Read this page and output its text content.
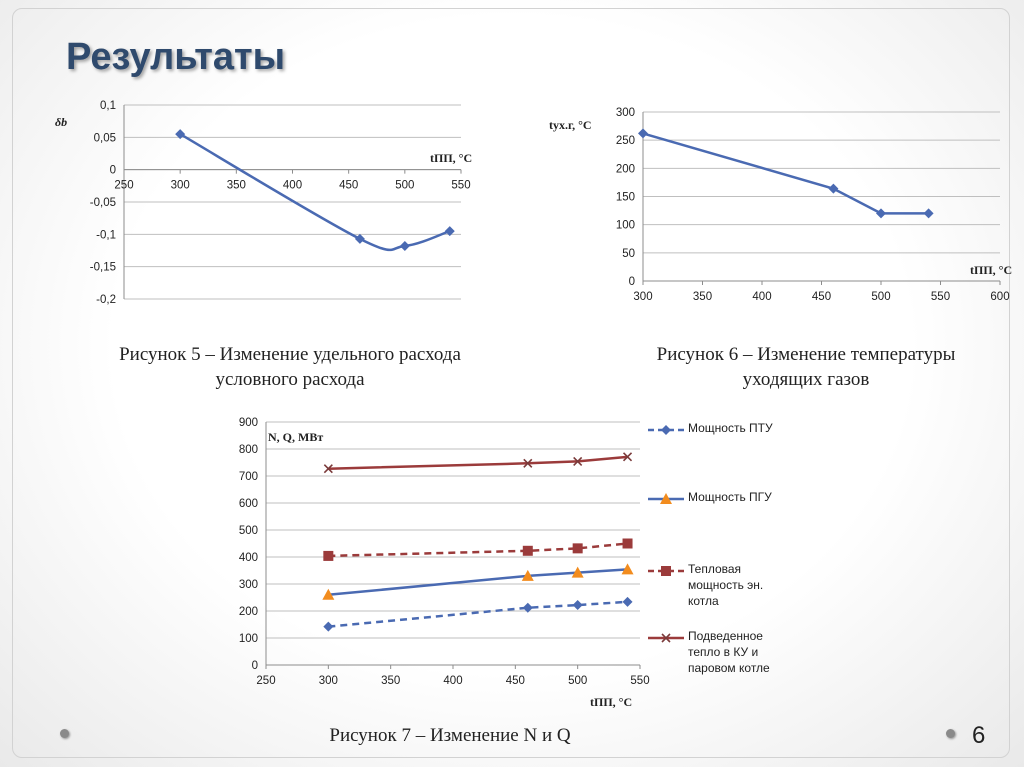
Результаты
δb
tПП, °C
0,1
0,05
0
-0,05
-0,1
-0,15
-0,2
250	300	350	400	450	500	550
tух.г, °C
tПП, °C
300
250
200
150
100
50
0
300	350	400	450	500	550	600
N, Q, МВт
tПП, °C
900
800
700
600
500
400
300
200
100
0
250	300	350	400	450	500	550
Мощность ПТУ
Мощность ПГУ
Тепловая мощность эн. котла
Подведенное тепло в КУ и паровом котле
Рисунок 5 – Изменение удельного расхода
условного расхода
Рисунок 6 – Изменение температуры
уходящих газов
Рисунок 7 – Изменение N и Q	6
